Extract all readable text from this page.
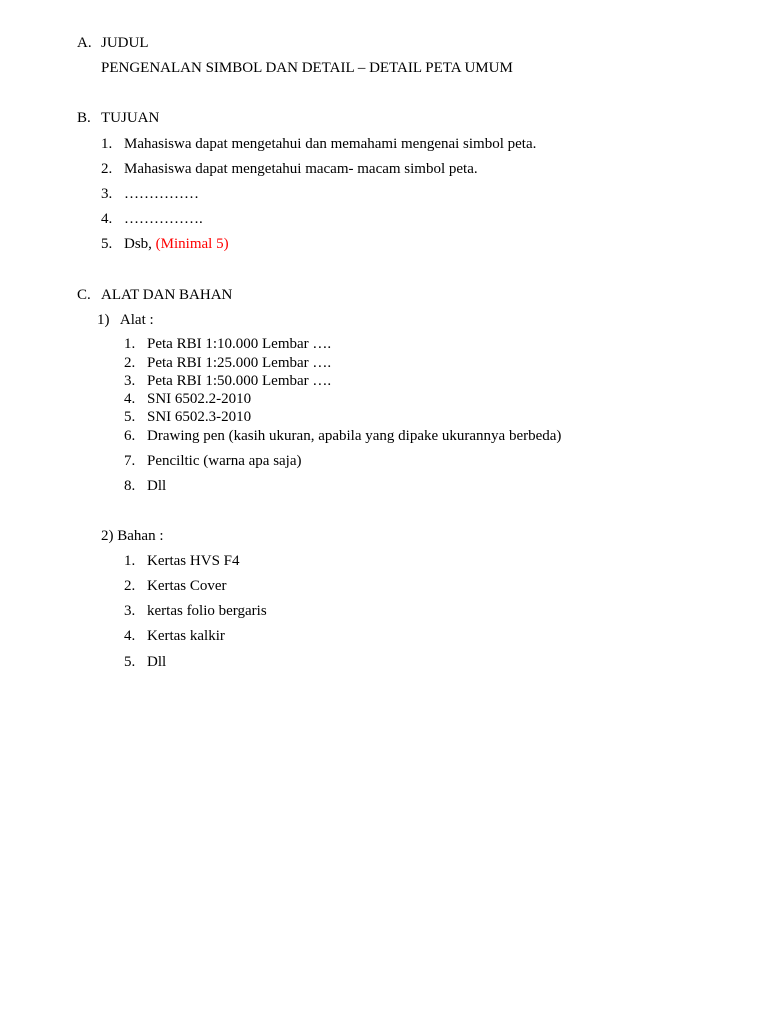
A. JUDUL
PENGENALAN SIMBOL DAN DETAIL – DETAIL PETA UMUM
B. TUJUAN
1. Mahasiswa dapat mengetahui dan memahami mengenai simbol peta.
2. Mahasiswa dapat mengetahui macam- macam simbol peta.
3. ……………
4. …………….
5. Dsb, (Minimal 5)
C. ALAT DAN BAHAN
1)   Alat :
1. Peta RBI 1:10.000 Lembar ….
2. Peta RBI 1:25.000 Lembar ….
3. Peta RBI 1:50.000 Lembar ….
4. SNI 6502.2-2010
5. SNI 6502.3-2010
6. Drawing pen (kasih ukuran, apabila yang dipake ukurannya berbeda)
7. Penciltic (warna apa saja)
8. Dll
2) Bahan :
1. Kertas HVS F4
2. Kertas Cover
3. kertas folio bergaris
4. Kertas kalkir
5. Dll
